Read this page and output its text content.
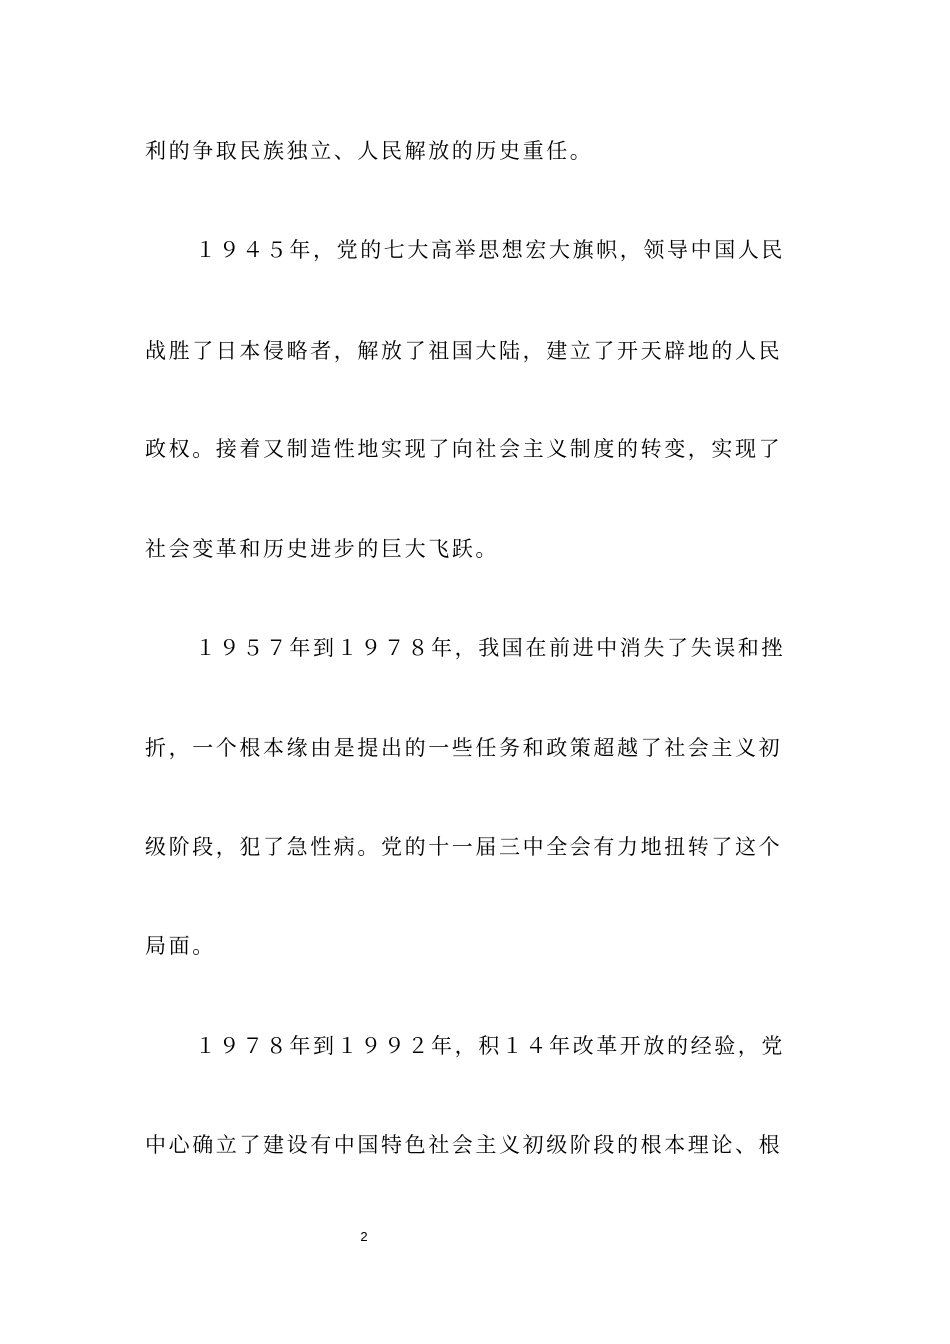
利的争取民族独立、人民解放的历史重任。
１９４５年，党的七大高举思想宏大旗帜，领导中国人民
战胜了日本侵略者，解放了祖国大陆，建立了开天辟地的人民
政权。接着又制造性地实现了向社会主义制度的转变，实现了
社会变革和历史进步的巨大飞跃。
１９５７年到１９７８年，我国在前进中消失了失误和挫
折，一个根本缘由是提出的一些任务和政策超越了社会主义初
级阶段，犯了急性病。党的十一届三中全会有力地扭转了这个
局面。
１９７８年到１９９２年，积１４年改革开放的经验，党
中心确立了建设有中国特色社会主义初级阶段的根本理论、根
2
